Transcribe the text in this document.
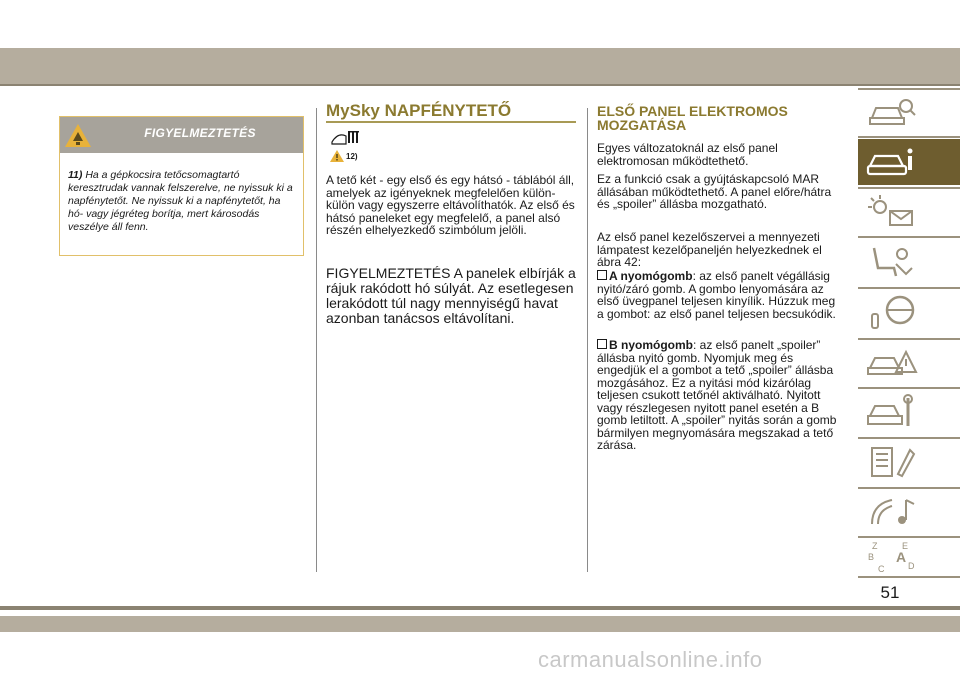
FIGYELMEZTETÉS
11) Ha a gépkocsira tetőcsomagtartó keresztrudak vannak felszerelve, ne nyissuk ki a napfénytetőt. Ne nyissuk ki a napfénytetőt, ha hó- vagy jégréteg borítja, mert károsodás veszélye áll fenn.
MySky NAPFÉNYTETŐ
12)
A tető két - egy első és egy hátsó - táblából áll, amelyek az igényeknek megfelelően külön-külön vagy egyszerre eltávolíthatók. Az első és hátsó paneleket egy megfelelő, a panel alsó részén elhelyezkedő szimbólum jelöli.
FIGYELMEZTETÉS A panelek elbírják a rájuk rakódott hó súlyát. Az esetlegesen lerakódott túl nagy mennyiségű havat azonban tanácsos eltávolítani.
ELSŐ PANEL ELEKTROMOS MOZGATÁSA
Egyes változatoknál az első panel elektromosan működtethető.
Ez a funkció csak a gyújtáskapcsoló MAR állásában működtethető. A panel előre/hátra és „spoiler” állásba mozgatható.
Az első panel kezelőszervei a mennyezeti lámpatest kezelőpaneljén helyezkednek el ábra 42:
A nyomógomb: az első panelt végállásig nyitó/záró gomb. A gombo lenyomására az első üvegpanel teljesen kinyílik. Húzzuk meg a gombot: az első panel teljesen becsukódik.
B nyomógomb: az első panelt „spoiler” állásba nyitó gomb. Nyomjuk meg és engedjük el a gombot a tető „spoiler” állásba mozgásához. Ez a nyitási mód kizárólag teljesen csukott tetőnél aktiválható. Nyitott vagy részlegesen nyitott panel esetén a B gomb letiltott. A „spoiler” nyitás során a gomb bármilyen megnyomására megszakad a tető zárása.
Z	E
B A
C	D
51
carmanualsonline.info
